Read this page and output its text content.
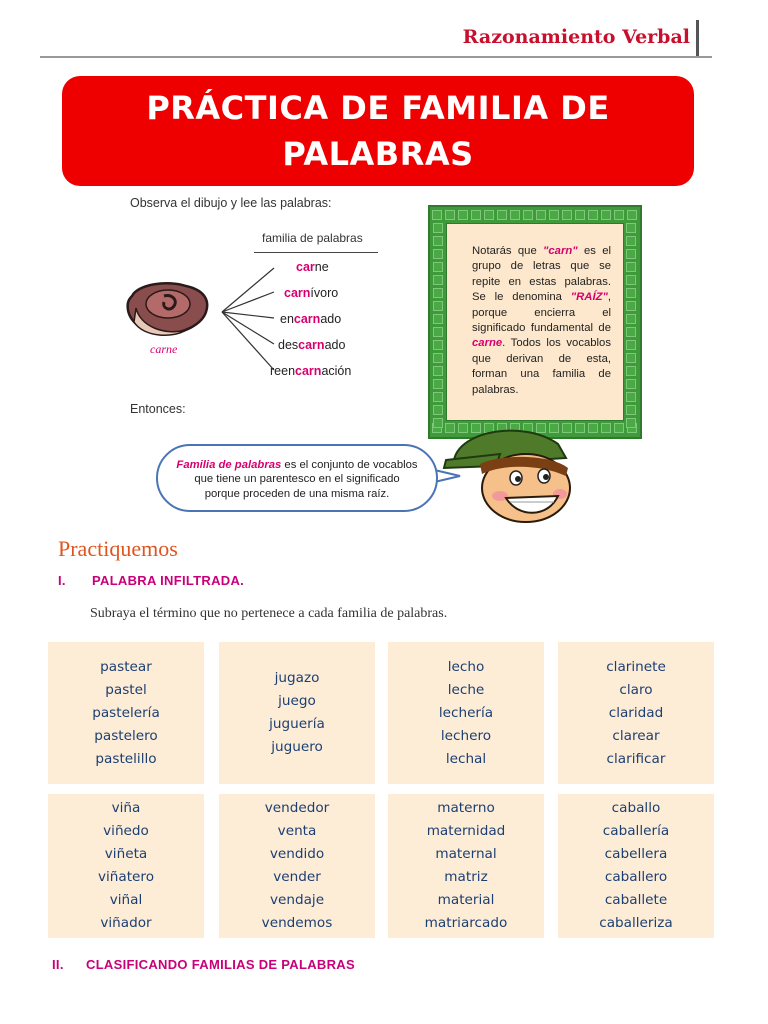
Razonamiento Verbal
PRÁCTICA DE FAMILIA DE PALABRAS
Observa el dibujo y lee las palabras:
familia de palabras
carne
carne
carnívoro
encarnado
descarnado
reencarnación
Entonces:
Notarás que "carn" es el grupo de letras que se repite en estas palabras. Se le denomina "RAÍZ", porque encierra el significado fundamental de carne. Todos los vocablos que derivan de esta, forman una familia de palabras.
Familia de palabras es el conjunto de vocablos
que tiene un parentesco en el significado
porque proceden de una misma raíz.
Practiquemos
I. PALABRA INFILTRADA.
Subraya el término que no pertenece a cada familia de palabras.
pastear
pastel
pastelería
pastelero
pastelillo
jugazo
juego
juguería
juguero
lecho
leche
lechería
lechero
lechal
clarinete
claro
claridad
clarear
clarificar
viña
viñedo
viñeta
viñatero
viñal
viñador
vendedor
venta
vendido
vender
vendaje
vendemos
materno
maternidad
maternal
matriz
material
matriarcado
caballo
caballería
cabellera
caballero
caballete
caballeriza
II. CLASIFICANDO FAMILIAS DE PALABRAS
